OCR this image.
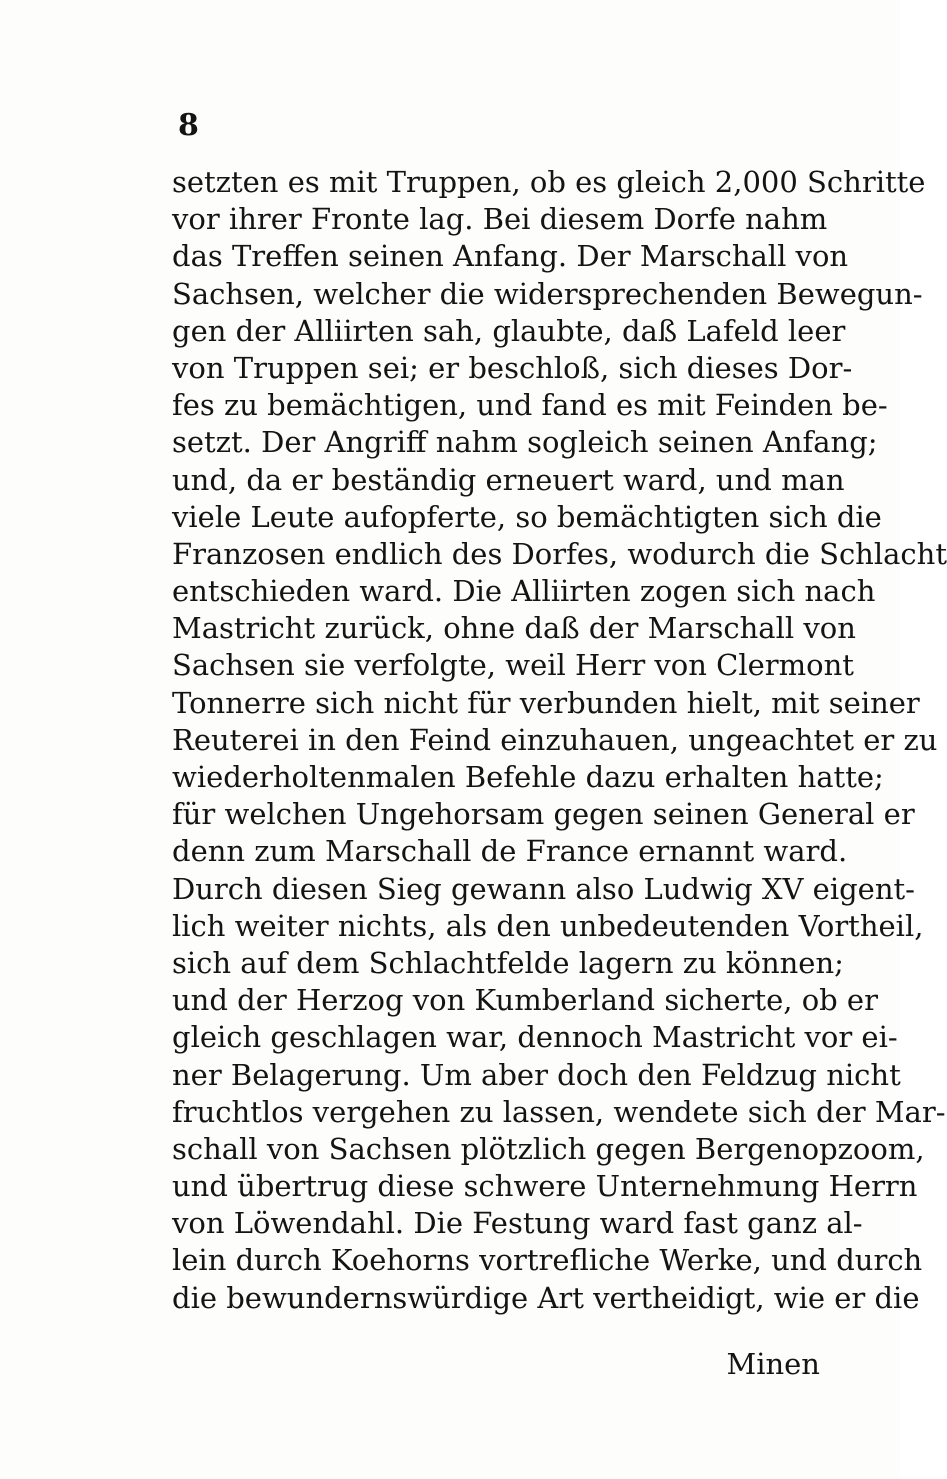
8
setzten es mit Truppen, ob es gleich 2,000 Schritte
vor ihrer Fronte lag. Bei diesem Dorfe nahm
das Treffen seinen Anfang. Der Marschall von
Sachsen, welcher die widersprechenden Bewegun-
gen der Alliirten sah, glaubte, daß Lafeld leer
von Truppen sei; er beschloß, sich dieses Dor-
fes zu bemächtigen, und fand es mit Feinden be-
setzt. Der Angriff nahm sogleich seinen Anfang;
und, da er beständig erneuert ward, und man
viele Leute aufopferte, so bemächtigten sich die
Franzosen endlich des Dorfes, wodurch die Schlacht
entschieden ward. Die Alliirten zogen sich nach
Mastricht zurück, ohne daß der Marschall von
Sachsen sie verfolgte, weil Herr von Clermont
Tonnerre sich nicht für verbunden hielt, mit seiner
Reuterei in den Feind einzuhauen, ungeachtet er zu
wiederholtenmalen Befehle dazu erhalten hatte;
für welchen Ungehorsam gegen seinen General er
denn zum Marschall de France ernannt ward.
Durch diesen Sieg gewann also Ludwig XV eigent-
lich weiter nichts, als den unbedeutenden Vortheil,
sich auf dem Schlachtfelde lagern zu können;
und der Herzog von Kumberland sicherte, ob er
gleich geschlagen war, dennoch Mastricht vor ei-
ner Belagerung. Um aber doch den Feldzug nicht
fruchtlos vergehen zu lassen, wendete sich der Mar-
schall von Sachsen plötzlich gegen Bergenopzoom,
und übertrug diese schwere Unternehmung Herrn
von Löwendahl. Die Festung ward fast ganz al-
lein durch Koehorns vortrefliche Werke, und durch
die bewundernswürdige Art vertheidigt, wie er die
Minen
